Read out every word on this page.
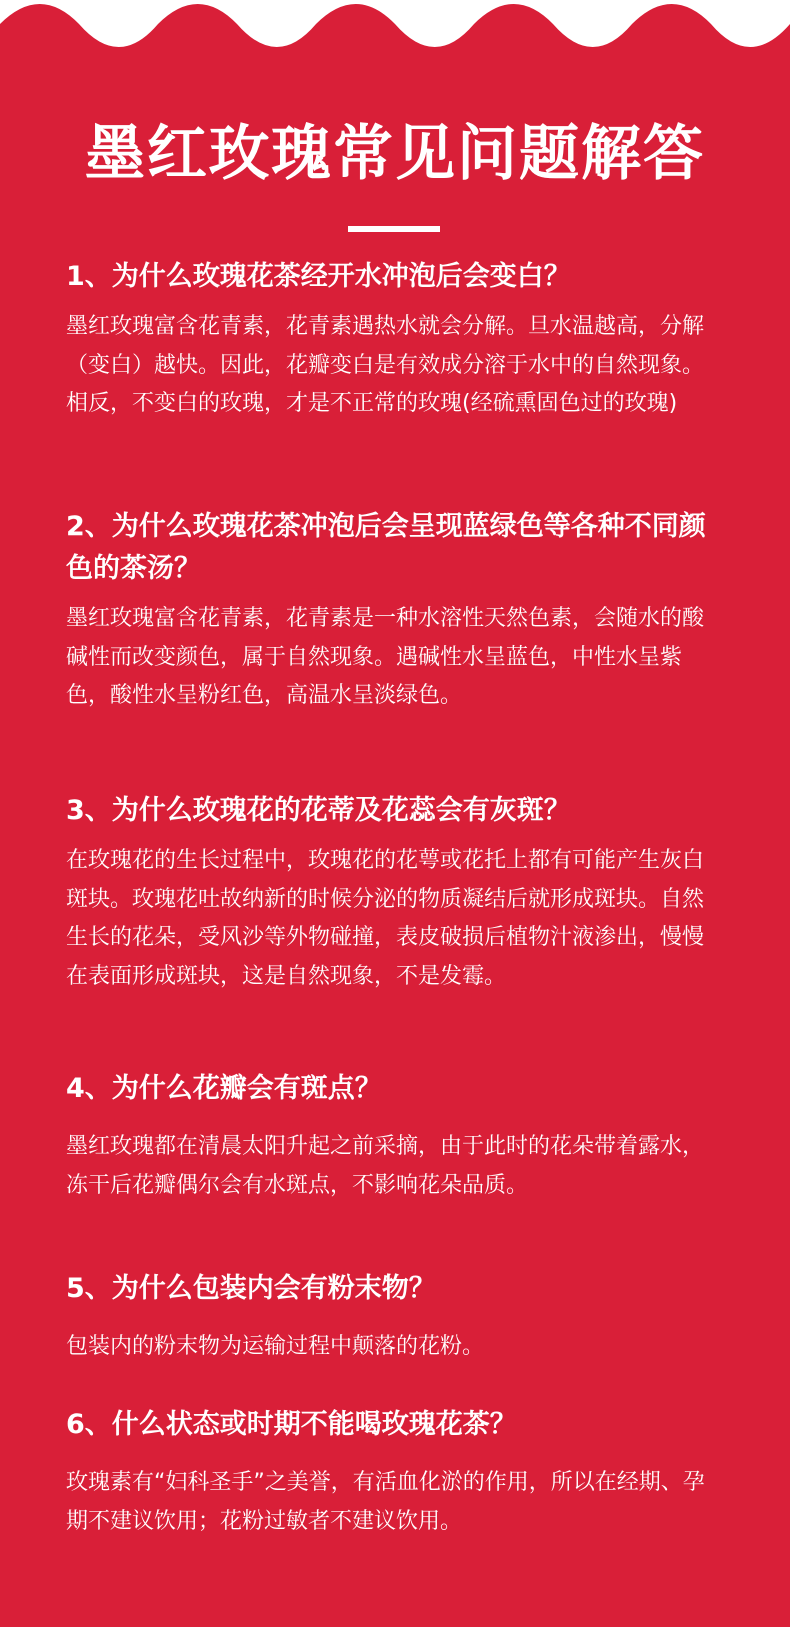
墨红玫瑰常见问题解答

1、为什么玫瑰花茶经开水冲泡后会变白？

墨红玫瑰富含花青素，花青素遇热水就会分解。旦水温越高，分解（变白）越快。因此，花瓣变白是有效成分溶于水中的自然现象。相反，不变白的玫瑰，才是不正常的玫瑰(经硫熏固色过的玫瑰)

2、为什么玫瑰花茶冲泡后会呈现蓝绿色等各种不同颜色的茶汤？

墨红玫瑰富含花青素，花青素是一种水溶性天然色素，会随水的酸碱性而改变颜色，属于自然现象。遇碱性水呈蓝色，中性水呈紫色，酸性水呈粉红色，高温水呈淡绿色。

3、为什么玫瑰花的花蒂及花蕊会有灰斑？

在玫瑰花的生长过程中，玫瑰花的花萼或花托上都有可能产生灰白斑块。玫瑰花吐故纳新的时候分泌的物质凝结后就形成斑块。自然生长的花朵，受风沙等外物碰撞，表皮破损后植物汁液渗出，慢慢在表面形成斑块，这是自然现象，不是发霉。

4、为什么花瓣会有斑点？

墨红玫瑰都在清晨太阳升起之前采摘，由于此时的花朵带着露水，冻干后花瓣偶尔会有水斑点，不影响花朵品质。

5、为什么包装内会有粉末物？

包装内的粉末物为运输过程中颠落的花粉。

6、什么状态或时期不能喝玫瑰花茶？

玫瑰素有“妇科圣手”之美誉，有活血化淤的作用，所以在经期、孕期不建议饮用；花粉过敏者不建议饮用。
